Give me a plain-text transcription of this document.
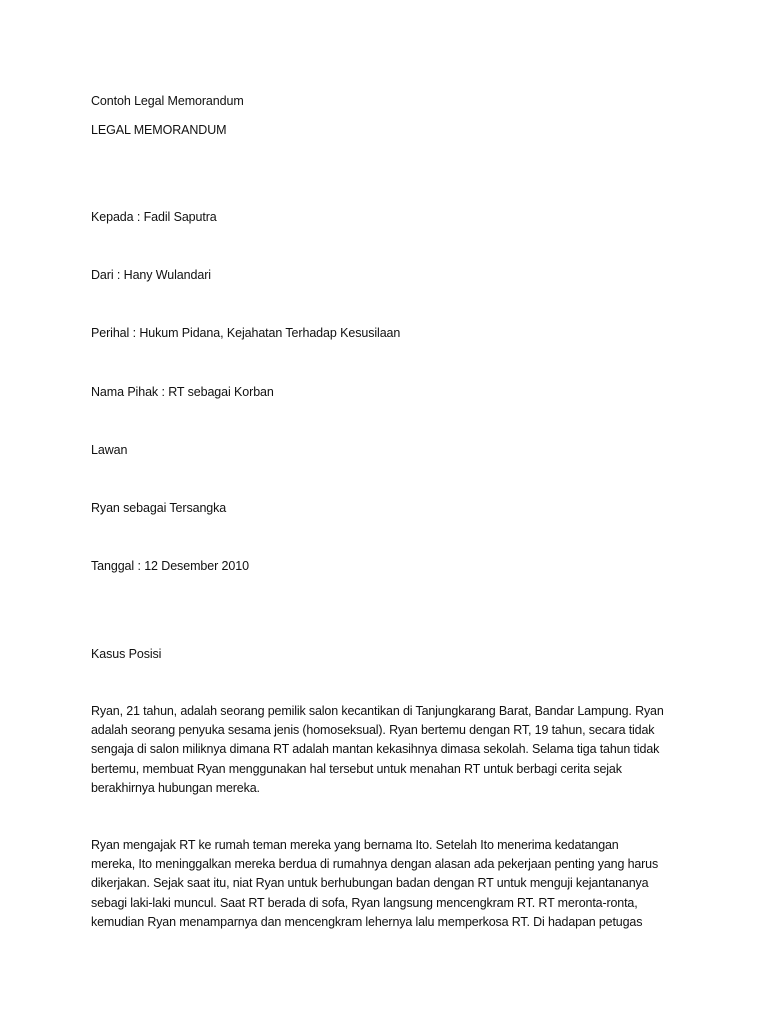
Contoh Legal Memorandum
LEGAL MEMORANDUM
Kepada : Fadil Saputra
Dari : Hany Wulandari
Perihal : Hukum Pidana, Kejahatan Terhadap Kesusilaan
Nama Pihak : RT sebagai Korban
Lawan
Ryan sebagai Tersangka
Tanggal : 12 Desember 2010
Kasus Posisi
Ryan, 21 tahun, adalah seorang pemilik salon kecantikan di Tanjungkarang Barat, Bandar Lampung. Ryan
adalah seorang penyuka sesama jenis (homoseksual). Ryan bertemu dengan RT, 19 tahun, secara tidak
sengaja di salon miliknya dimana RT adalah mantan kekasihnya dimasa sekolah. Selama tiga tahun tidak
bertemu, membuat Ryan menggunakan hal tersebut untuk menahan RT untuk berbagi cerita sejak
berakhirnya hubungan mereka.
Ryan mengajak RT ke rumah teman mereka yang bernama Ito. Setelah Ito menerima kedatangan
mereka, Ito meninggalkan mereka berdua di rumahnya dengan alasan ada pekerjaan penting yang harus
dikerjakan. Sejak saat itu, niat Ryan untuk berhubungan badan dengan RT untuk menguji kejantananya
sebagi laki-laki muncul. Saat RT berada di sofa, Ryan langsung mencengkram RT. RT meronta-ronta,
kemudian Ryan menamparnya dan mencengkram lehernya lalu memperkosa RT. Di hadapan petugas
